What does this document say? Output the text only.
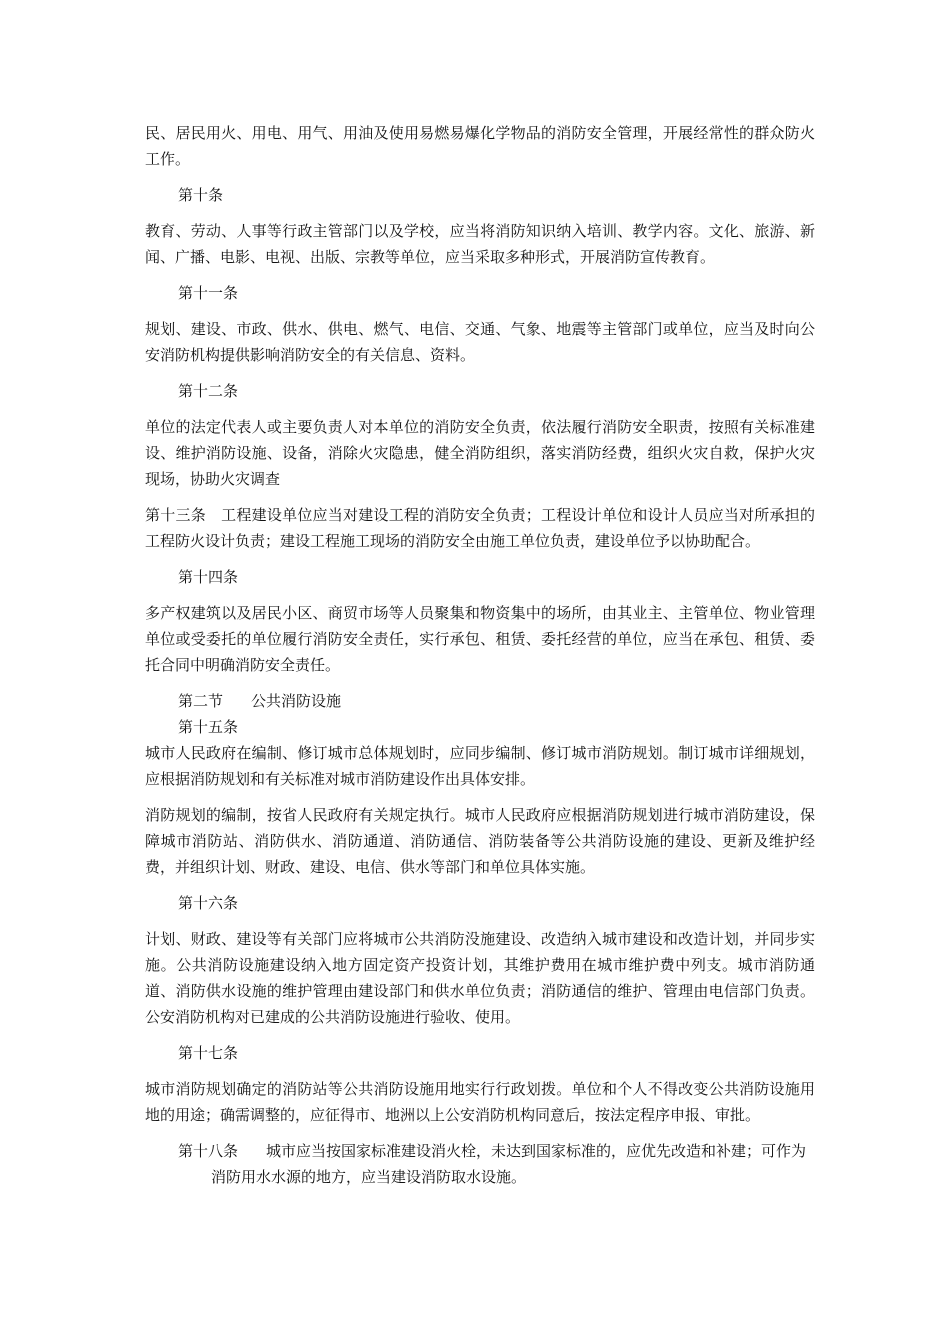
民、居民用火、用电、用气、用油及使用易燃易爆化学物品的消防安全管理，开展经常性的群众防火工作。

第十条

教育、劳动、人事等行政主管部门以及学校，应当将消防知识纳入培训、教学内容。文化、旅游、新闻、广播、电影、电视、出版、宗教等单位，应当采取多种形式，开展消防宣传教育。

第十一条

规划、建设、市政、供水、供电、燃气、电信、交通、气象、地震等主管部门或单位，应当及时向公安消防机构提供影响消防安全的有关信息、资料。

第十二条

单位的法定代表人或主要负责人对本单位的消防安全负责，依法履行消防安全职责，按照有关标准建设、维护消防设施、设备，消除火灾隐患，健全消防组织，落实消防经费，组织火灾自救，保护火灾现场，协助火灾调查

第十三条 工程建设单位应当对建设工程的消防安全负责；工程设计单位和设计人员应当对所承担的工程防火设计负责；建设工程施工现场的消防安全由施工单位负责，建设单位予以协助配合。

第十四条

多产权建筑以及居民小区、商贸市场等人员聚集和物资集中的场所，由其业主、主管单位、物业管理单位或受委托的单位履行消防安全责任，实行承包、租赁、委托经营的单位，应当在承包、租赁、委托合同中明确消防安全责任。

第二节 公共消防设施

第十五条

城市人民政府在编制、修订城市总体规划时，应同步编制、修订城市消防规划。制订城市详细规划，应根据消防规划和有关标准对城市消防建设作出具体安排。

消防规划的编制，按省人民政府有关规定执行。城市人民政府应根据消防规划进行城市消防建设，保障城市消防站、消防供水、消防通道、消防通信、消防装备等公共消防设施的建设、更新及维护经费，并组织计划、财政、建设、电信、供水等部门和单位具体实施。

第十六条

计划、财政、建设等有关部门应将城市公共消防没施建设、改造纳入城市建设和改造计划，并同步实施。公共消防设施建设纳入地方固定资产投资计划，其维护费用在城市维护费中列支。城市消防通道、消防供水设施的维护管理由建设部门和供水单位负责；消防通信的维护、管理由电信部门负责。公安消防机构对已建成的公共消防设施进行验收、使用。

第十七条

城市消防规划确定的消防站等公共消防设施用地实行行政划拨。单位和个人不得改变公共消防设施用地的用途；确需调整的，应征得市、地洲以上公安消防机构同意后，按法定程序申报、审批。

第十八条 城市应当按国家标准建设消火栓，未达到国家标准的，应优先改造和补建；可作为消防用水水源的地方，应当建设消防取水设施。
